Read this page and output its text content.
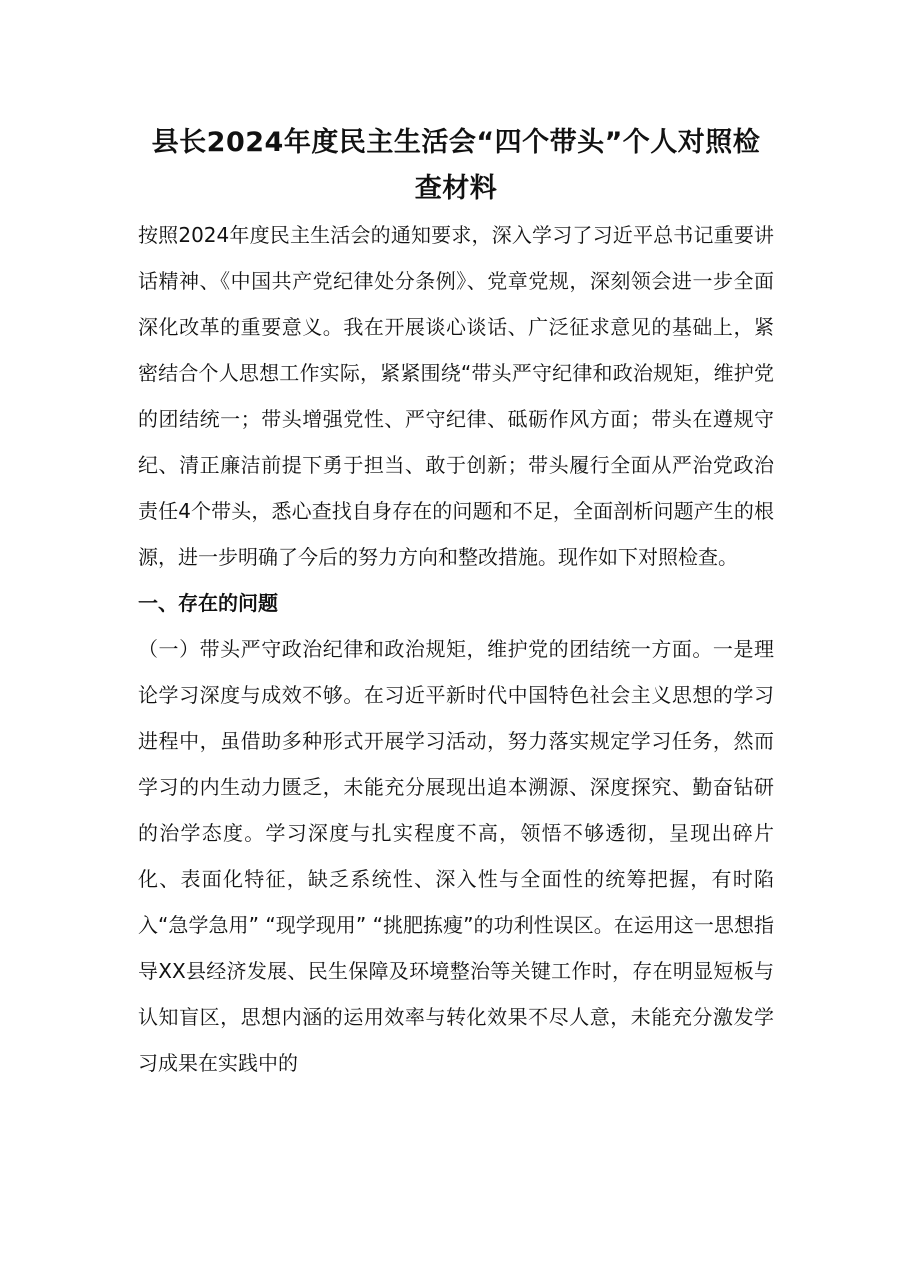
县长2024年度民主生活会“四个带头”个人对照检查材料

按照2024年度民主生活会的通知要求，深入学习了习近平总书记重要讲话精神、《中国共产党纪律处分条例》、党章党规，深刻领会进一步全面深化改革的重要意义。我在开展谈心谈话、广泛征求意见的基础上，紧密结合个人思想工作实际，紧紧围绕“带头严守纪律和政治规矩，维护党的团结统一；带头增强党性、严守纪律、砥砺作风方面；带头在遵规守纪、清正廉洁前提下勇于担当、敢于创新；带头履行全面从严治党政治责任4个带头，悉心查找自身存在的问题和不足，全面剖析问题产生的根源，进一步明确了今后的努力方向和整改措施。现作如下对照检查。

一、存在的问题

（一）带头严守政治纪律和政治规矩，维护党的团结统一方面。一是理论学习深度与成效不够。在习近平新时代中国特色社会主义思想的学习进程中，虽借助多种形式开展学习活动，努力落实规定学习任务，然而学习的内生动力匮乏，未能充分展现出追本溯源、深度探究、勤奋钻研的治学态度。学习深度与扎实程度不高，领悟不够透彻，呈现出碎片化、表面化特征，缺乏系统性、深入性与全面性的统筹把握，有时陷入“急学急用” “现学现用” “挑肥拣瘦”的功利性误区。在运用这一思想指导XX县经济发展、民生保障及环境整治等关键工作时，存在明显短板与认知盲区，思想内涵的运用效率与转化效果不尽人意，未能充分激发学习成果在实践中的
